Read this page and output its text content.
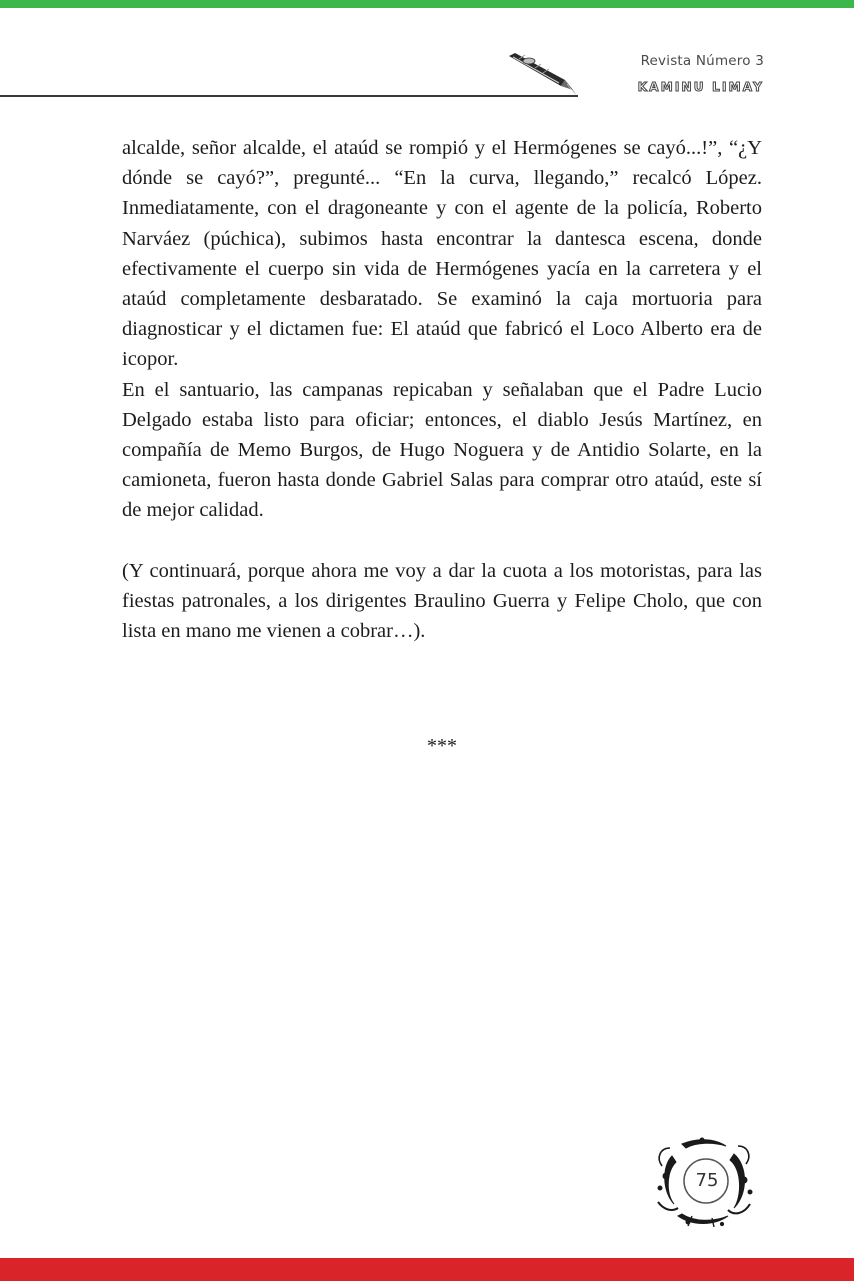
Revista Número 3
KAMINU LIMAY

alcalde, señor alcalde, el ataúd se rompió y el Hermógenes se cayó...!”, “¿Y dónde se cayó?”, pregunté... “En la curva, llegando,” recalcó López. Inmediatamente, con el dragoneante y con el agente de la policía, Roberto Narváez (púchica), subimos hasta encontrar la dantesca escena, donde efectivamente el cuerpo sin vida de Hermógenes yacía en la carretera y el ataúd completamente desbaratado. Se examinó la caja mortuoria para diagnosticar y el dictamen fue: El ataúd que fabricó el Loco Alberto era de icopor.

En el santuario, las campanas repicaban y señalaban que el Padre Lucio Delgado estaba listo para oficiar; entonces, el diablo Jesús Martínez, en compañía de Memo Burgos, de Hugo Noguera y de Antidio Solarte, en la camioneta, fueron hasta donde Gabriel Salas para comprar otro ataúd, este sí de mejor calidad.

(Y continuará, porque ahora me voy a dar la cuota a los motoristas, para las fiestas patronales, a los dirigentes Braulino Guerra y Felipe Cholo, que con lista en mano me vienen a cobrar…).

***
75
